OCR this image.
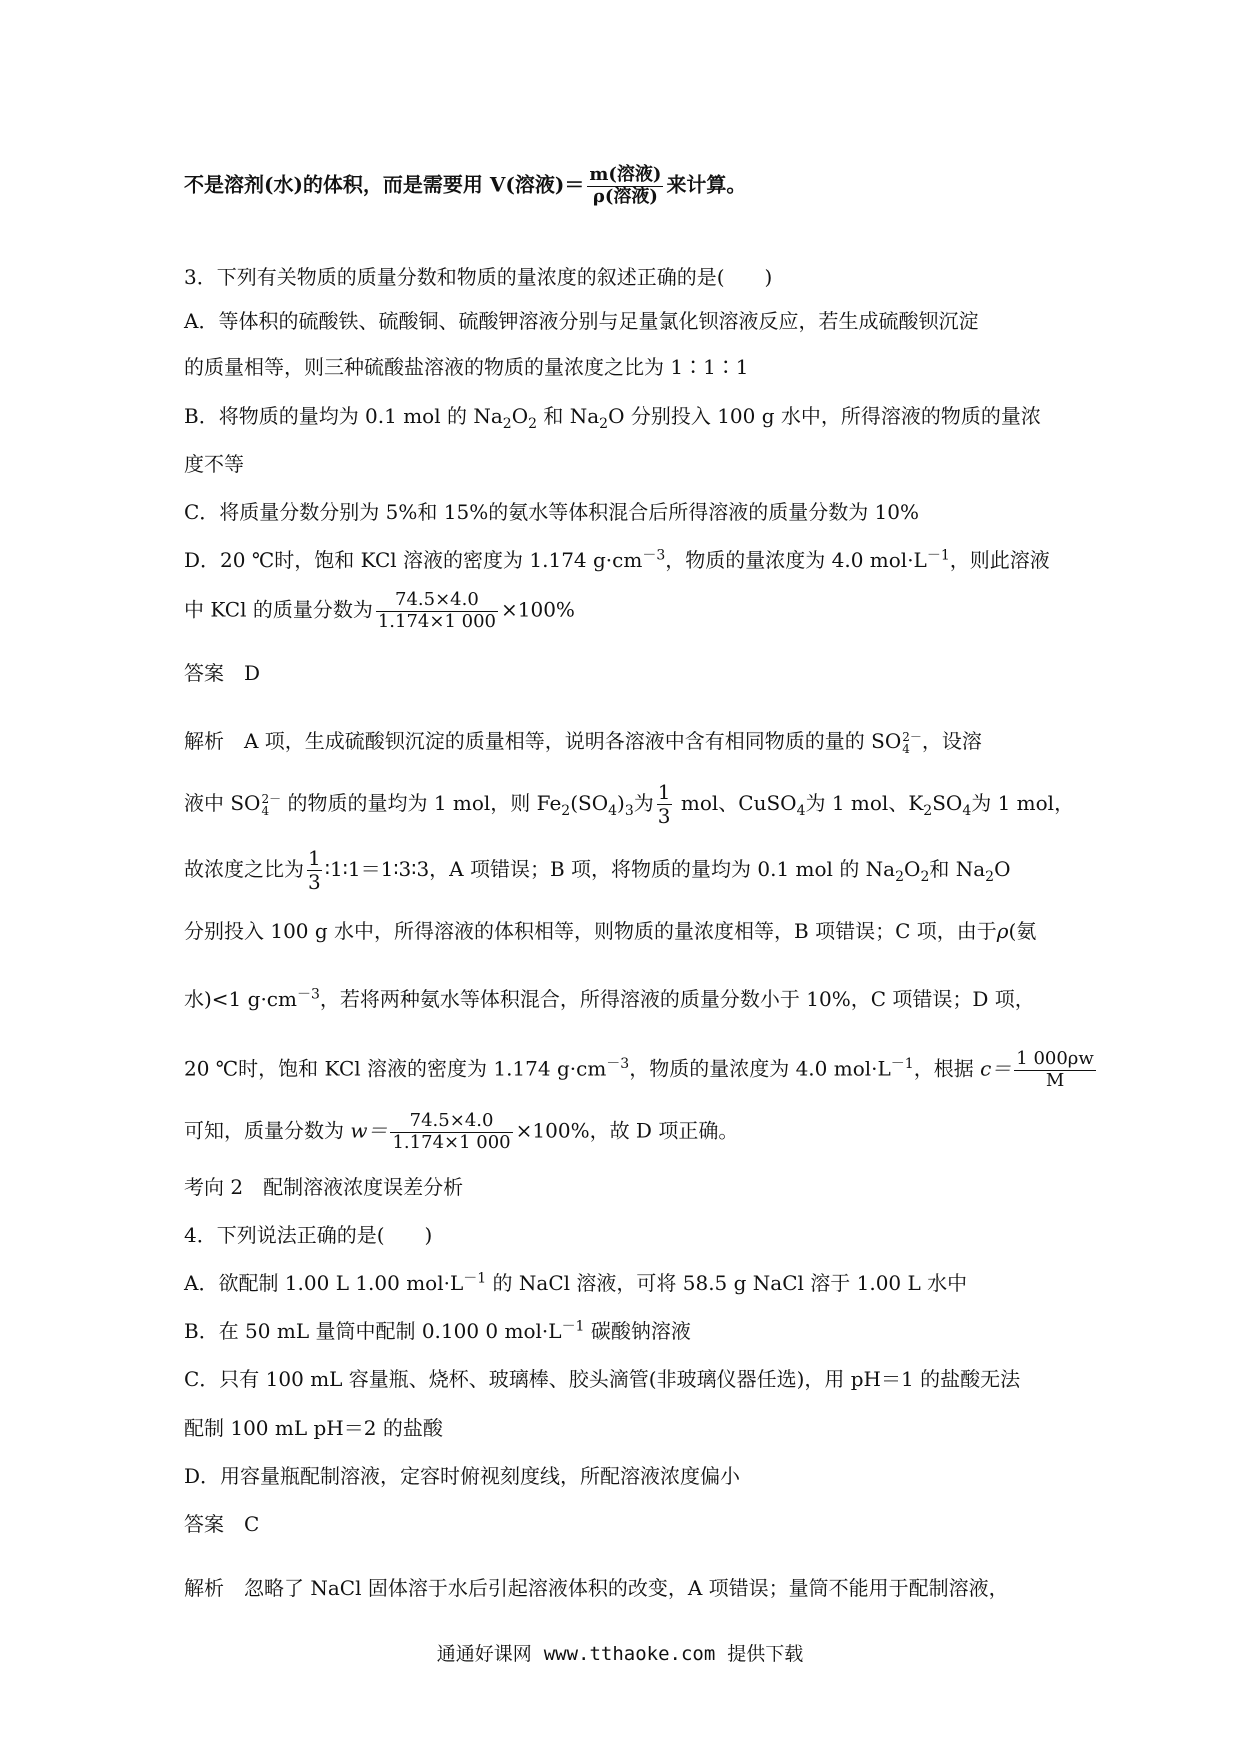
不是溶剂(水)的体积，而是需要用 V(溶液)＝ $\frac{\text{m(溶液)}}{\text{ρ(溶液)}}$ 来计算。
3．下列有关物质的质量分数和物质的量浓度的叙述正确的是(　　)
A．等体积的硫酸铁、硫酸铜、硫酸钾溶液分别与足量氯化钡溶液反应，若生成硫酸钡沉淀
的质量相等，则三种硫酸盐溶液的物质的量浓度之比为 1∶1∶1
B．将物质的量均为 0.1 mol 的 $Na_2O_2$ 和 $Na_2O$ 分别投入 100 g 水中，所得溶液的物质的量浓
度不等
C．将质量分数分别为 5%和 15%的氨水等体积混合后所得溶液的质量分数为 10%
D．20 ℃时，饱和 KCl 溶液的密度为 1.174 $g\cdot cm^{-3}$，物质的量浓度为 4.0 $mol\cdot L^{-1}$，则此溶液
中 KCl 的质量分数为 $\frac{74.5\times 4.0}{1.174\times 1 000} \times 100\%$
答案　D
解析　A 项，生成硫酸钡沉淀的质量相等，说明各溶液中含有相同物质的量的 SO 2－
4 ，设溶
液中 SO 2－
4 的物质的量均为 1 mol，则 $Fe_2(SO_4)_3$为 $\frac{1}{3}$ mol、CuSO$_4$为 1 mol、$K_2SO_4$为 1 mol，
故浓度之比为 $\frac{1}{3}$ ∶1∶1＝1∶3∶3，A 项错误；B 项，将物质的量均为 0.1 mol 的 $Na_2O_2$和 $Na_2O$
分别投入 100 g 水中，所得溶液的体积相等，则物质的量浓度相等，B 项错误；C 项，由于ρ(氨
水)<1 $g\cdot cm^{-3}$，若将两种氨水等体积混合，所得溶液的质量分数小于 10%，C 项错误；D 项，
20 ℃时，饱和 KCl 溶液的密度为 1.174 $g\cdot cm^{-3}$，物质的量浓度为 4.0 $mol\cdot L^{-1}$，根据 $c= \frac{1 000\rho w}{M}$
可知，质量分数为 $w= \frac{74.5\times 4.0}{1.174\times 1 000} \times 100\%$，故 D 项正确。
考向 2　配制溶液浓度误差分析
4．下列说法正确的是(　　)
A．欲配制 1.00 L 1.00 $mol\cdot L^{-1}$ 的 NaCl 溶液，可将 58.5 g NaCl 溶于 1.00 L 水中
B．在 50 mL 量筒中配制 0.100 0 $mol\cdot L^{-1}$ 碳酸钠溶液
C．只有 100 mL 容量瓶、烧杯、玻璃棒、胶头滴管(非玻璃仪器任选)，用 pH＝1 的盐酸无法
配制 100 mL pH＝2 的盐酸
D．用容量瓶配制溶液，定容时俯视刻度线，所配溶液浓度偏小
答案　C
解析　忽略了 NaCl 固体溶于水后引起溶液体积的改变，A 项错误；量筒不能用于配制溶液，
通通好课网 www.tthaoke.com 提供下载
